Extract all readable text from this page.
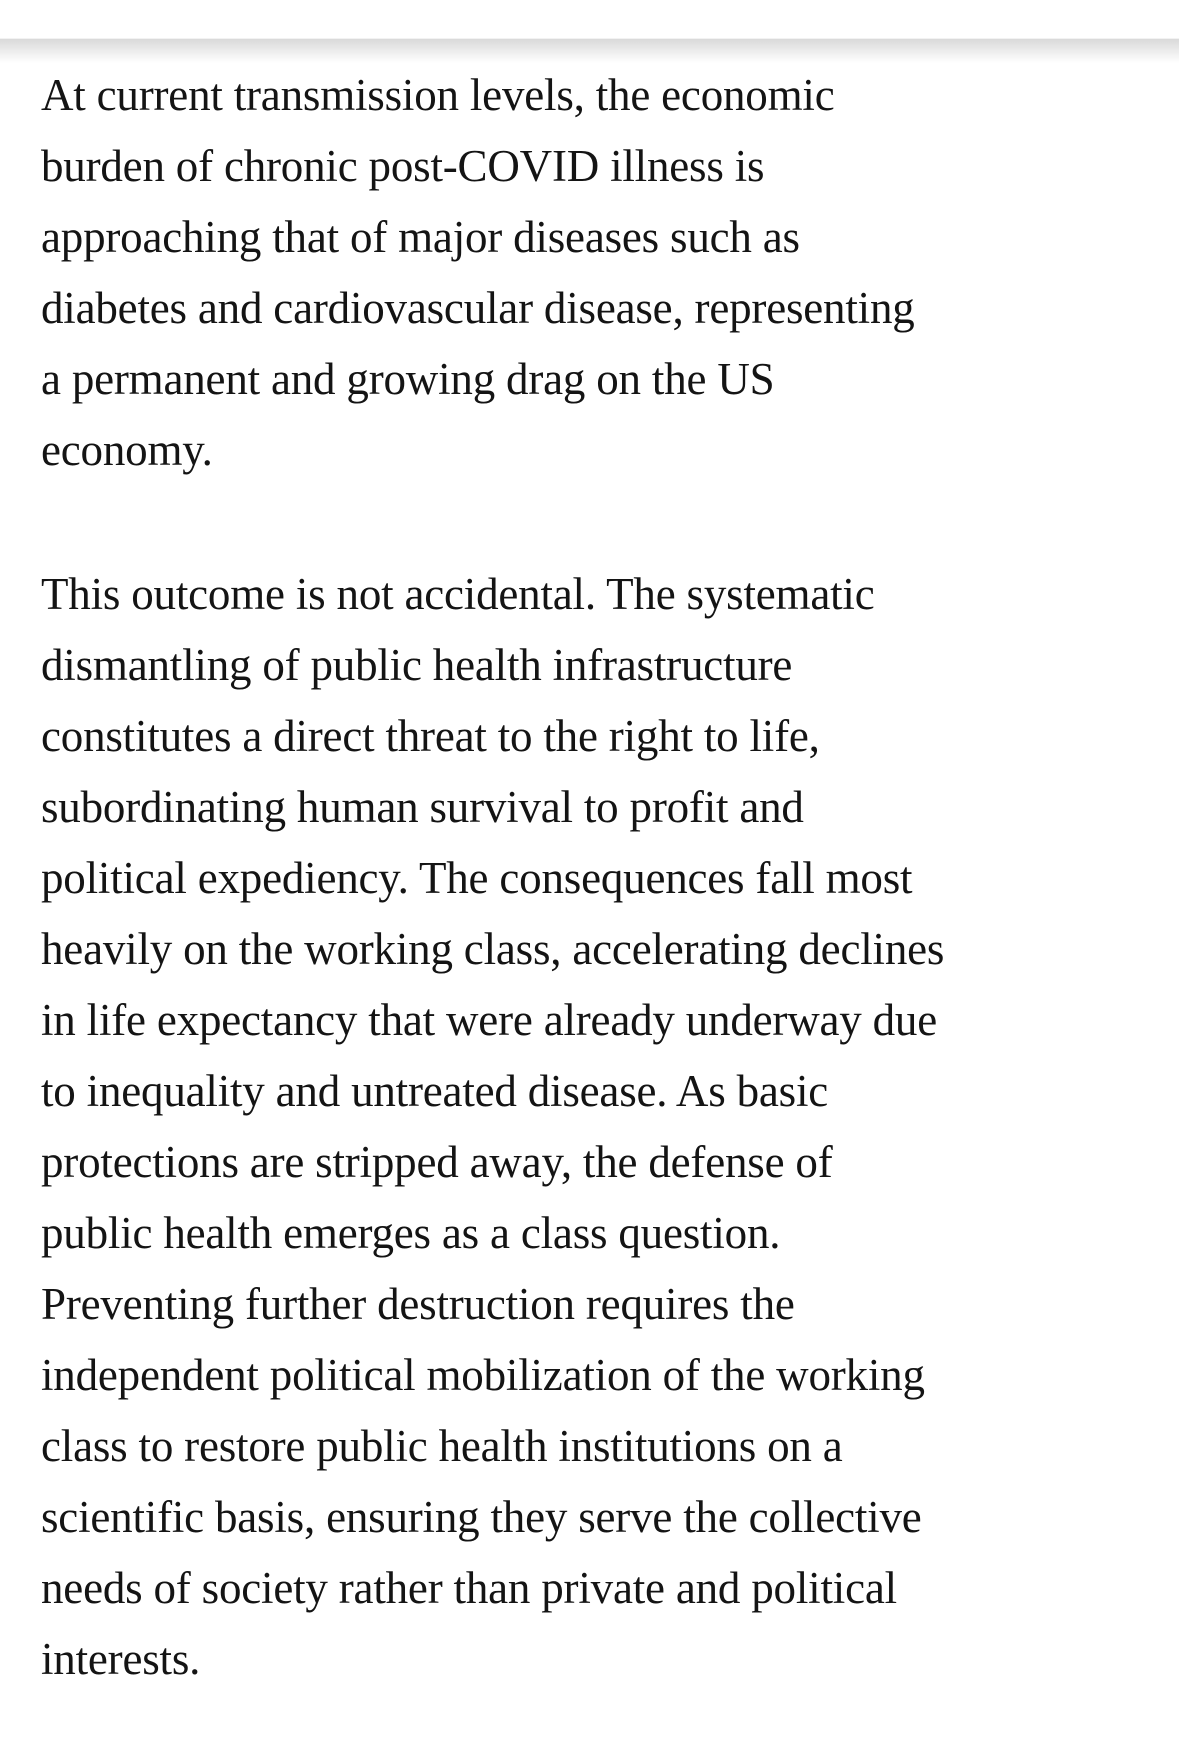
At current transmission levels, the economic
burden of chronic post-COVID illness is
approaching that of major diseases such as
diabetes and cardiovascular disease, representing
a permanent and growing drag on the US
economy.
This outcome is not accidental. The systematic
dismantling of public health infrastructure
constitutes a direct threat to the right to life,
subordinating human survival to profit and
political expediency. The consequences fall most
heavily on the working class, accelerating declines
in life expectancy that were already underway due
to inequality and untreated disease. As basic
protections are stripped away, the defense of
public health emerges as a class question.
Preventing further destruction requires the
independent political mobilization of the working
class to restore public health institutions on a
scientific basis, ensuring they serve the collective
needs of society rather than private and political
interests.
